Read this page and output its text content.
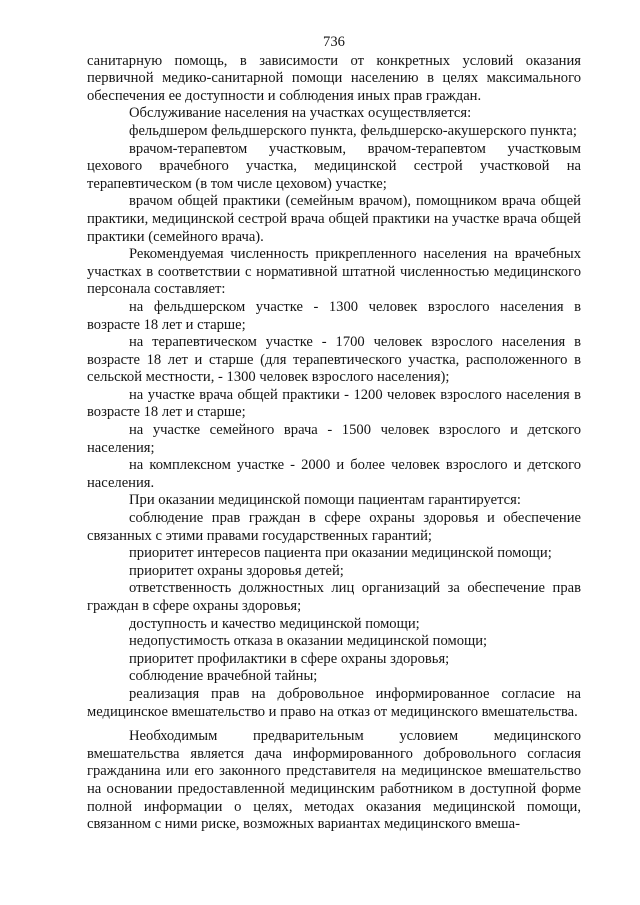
736

санитарную помощь, в зависимости от конкретных условий оказания первичной медико-санитарной помощи населению в целях максимального обеспечения ее доступности и соблюдения иных прав граждан.

Обслуживание населения на участках осуществляется:

фельдшером фельдшерского пункта, фельдшерско-акушерского пункта;

врачом-терапевтом участковым, врачом-терапевтом участковым цехового врачебного участка, медицинской сестрой участковой на терапевтическом (в том числе цеховом) участке;

врачом общей практики (семейным врачом), помощником врача общей практики, медицинской сестрой врача общей практики на участке врача общей практики (семейного врача).

Рекомендуемая численность прикрепленного населения на врачебных участках в соответствии с нормативной штатной численностью медицинского персонала составляет:

на фельдшерском участке - 1300 человек взрослого населения в возрасте 18 лет и старше;

на терапевтическом участке - 1700 человек взрослого населения в возрасте 18 лет и старше (для терапевтического участка, расположенного в сельской местности, - 1300 человек взрослого населения);

на участке врача общей практики - 1200 человек взрослого населения в возрасте 18 лет и старше;

на участке семейного врача - 1500 человек взрослого и детского населения;

на комплексном участке - 2000 и более человек взрослого и детского населения.

При оказании медицинской помощи пациентам гарантируется:

соблюдение прав граждан в сфере охраны здоровья и обеспечение связанных с этими правами государственных гарантий;

приоритет интересов пациента при оказании медицинской помощи;

приоритет охраны здоровья детей;

ответственность должностных лиц организаций за обеспечение прав граждан в сфере охраны здоровья;

доступность и качество медицинской помощи;

недопустимость отказа в оказании медицинской помощи;

приоритет профилактики в сфере охраны здоровья;

соблюдение врачебной тайны;

реализация прав на добровольное информированное согласие на медицинское вмешательство и право на отказ от медицинского вмешательства.

Необходимым предварительным условием медицинского вмешательства является дача информированного добровольного согласия гражданина или его законного представителя на медицинское вмешательство на основании предоставленной медицинским работником в доступной форме полной информации о целях, методах оказания медицинской помощи, связанном с ними риске, возможных вариантах медицинского вмеша-
